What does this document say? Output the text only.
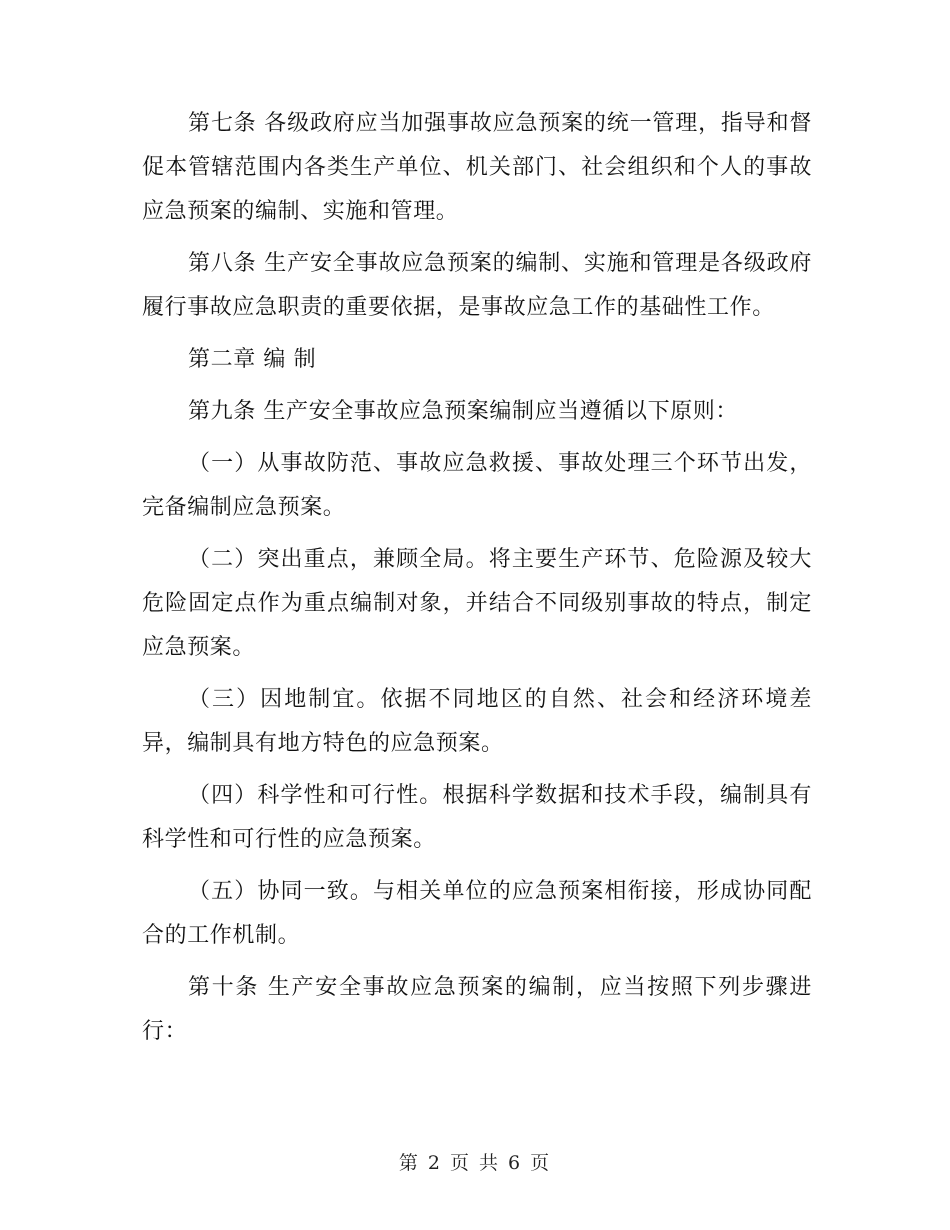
第七条 各级政府应当加强事故应急预案的统一管理，指导和督促本管辖范围内各类生产单位、机关部门、社会组织和个人的事故应急预案的编制、实施和管理。

第八条 生产安全事故应急预案的编制、实施和管理是各级政府履行事故应急职责的重要依据，是事故应急工作的基础性工作。

第二章 编 制

第九条 生产安全事故应急预案编制应当遵循以下原则：

（一）从事故防范、事故应急救援、事故处理三个环节出发，完备编制应急预案。

（二）突出重点，兼顾全局。将主要生产环节、危险源及较大危险固定点作为重点编制对象，并结合不同级别事故的特点，制定应急预案。

（三）因地制宜。依据不同地区的自然、社会和经济环境差异，编制具有地方特色的应急预案。

（四）科学性和可行性。根据科学数据和技术手段，编制具有科学性和可行性的应急预案。

（五）协同一致。与相关单位的应急预案相衔接，形成协同配合的工作机制。

第十条 生产安全事故应急预案的编制，应当按照下列步骤进行：

第 2 页 共 6 页
